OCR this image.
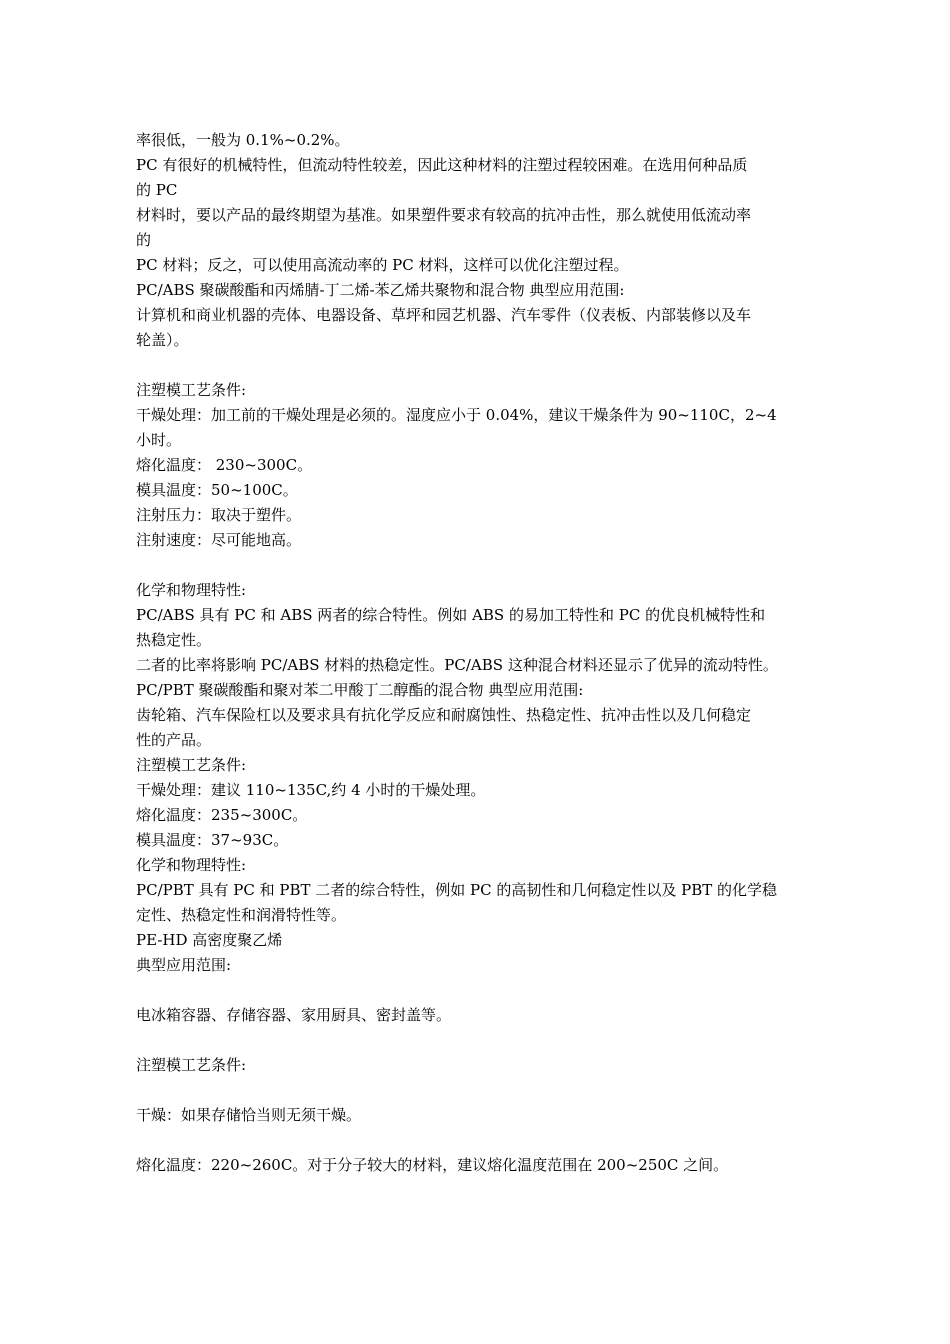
率很低，一般为 0.1%~0.2%。
PC 有很好的机械特性，但流动特性较差，因此这种材料的注塑过程较困难。在选用何种品质
的 PC
材料时，要以产品的最终期望为基准。如果塑件要求有较高的抗冲击性，那么就使用低流动率
的
PC 材料；反之，可以使用高流动率的 PC 材料，这样可以优化注塑过程。
PC/ABS 聚碳酸酯和丙烯腈-丁二烯-苯乙烯共聚物和混合物 典型应用范围:
计算机和商业机器的壳体、电器设备、草坪和园艺机器、汽车零件（仪表板、内部装修以及车
轮盖）。
注塑模工艺条件:
干燥处理：加工前的干燥处理是必须的。湿度应小于 0.04%，建议干燥条件为 90~110C，2~4
小时。
熔化温度： 230~300C。
模具温度：50~100C。
注射压力：取决于塑件。
注射速度：尽可能地高。
化学和物理特性:
PC/ABS 具有 PC 和 ABS 两者的综合特性。例如 ABS 的易加工特性和 PC 的优良机械特性和
热稳定性。
二者的比率将影响 PC/ABS 材料的热稳定性。PC/ABS 这种混合材料还显示了优异的流动特性。
PC/PBT 聚碳酸酯和聚对苯二甲酸丁二醇酯的混合物 典型应用范围:
齿轮箱、汽车保险杠以及要求具有抗化学反应和耐腐蚀性、热稳定性、抗冲击性以及几何稳定
性的产品。
注塑模工艺条件:
干燥处理：建议 110~135C,约 4 小时的干燥处理。
熔化温度：235~300C。
模具温度：37~93C。
化学和物理特性:
PC/PBT 具有 PC 和 PBT 二者的综合特性，例如 PC 的高韧性和几何稳定性以及 PBT 的化学稳
定性、热稳定性和润滑特性等。
PE-HD 高密度聚乙烯
典型应用范围:
电冰箱容器、存储容器、家用厨具、密封盖等。
注塑模工艺条件:
干燥：如果存储恰当则无须干燥。
熔化温度：220~260C。对于分子较大的材料，建议熔化温度范围在 200~250C 之间。
